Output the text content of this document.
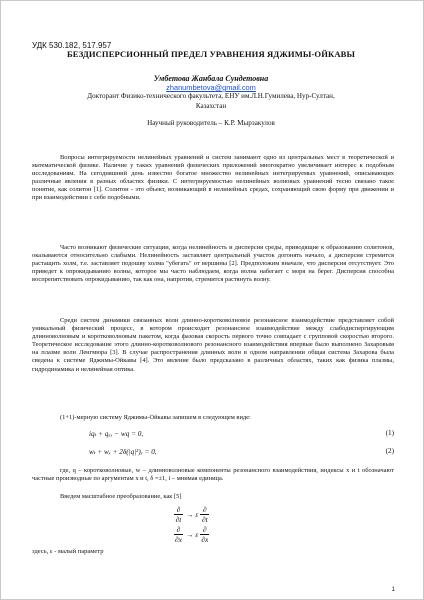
УДК 530.182, 517.957
БЕЗДИСПЕРСИОННЫЙ ПРЕДЕЛ УРАВНЕНИЯ ЯДЖИМЫ-ОЙКАВЫ
Умбетова Жанбала Сундетовна
zhanumbetova@gmail.com
Докторант Физико-технического факультета, ЕНУ им.Л.Н.Гумилева, Нур-Султан,
Казахстан
Научный руководитель – К.Р. Мырзакулов

Вопросы интегрируемости нелинейных уравнений и систем занимают одно из центральных мест в теоретической и математической физике. Наличие у таких уравнений физических приложений многократно увеличивает интерес к подобным исследованиям. На сегодняшний день известно богатое множество нелинейных интегрируемых уравнений, описывающих различные явления в разных областях физики. С интегрируемостью нелинейных волновых уравнений тесно связано такое понятие, как солитон [1]. Солитон - это объект, возникающий в нелинейных средах, сохраняющий свою форму при движении и при взаимодействии с себе подобными.

Часто возникают физические ситуации, когда нелинейность и дисперсия среды, приводящие к образованию солитонов, оказываются относительно слабыми. Нелинейность заставляет центральный участок догонять начало, а дисперсия стремится растащить холм, т.е. заставляет подошву холма "убегать" от вершины [2]. Предположим вначале, что дисперсия отсутствует. Это приведет к опрокидыванию волны, которое мы часто наблюдаем, когда волна набегает с моря на берег. Дисперсия способна воспрепятствовать опрокидыванию, так как она, напротив, стремится растянуть волну.

Среди систем динамики связанных волн длинно-коротковолновое резонансное взаимодействие представляет собой уникальный физический процесс, в котором происходит резонансное взаимодействие между слабодиспергирующим длинноволновым и коротковолновым пакетом, когда фазовая скорость первого точно совпадает с групповой скоростью второго. Теоретическое исследование этого длинно-коротковолнового резонансного взаимодействия впервые было выполнено Захаровым на плазме волн Ленгмюра [3]. В случае распространения длинных волн в одном направлении общая система Захарова была сведена к системе Яджимы-Ойкавы [4]. Это явление было предсказано в различных областях, таких как физика плазмы, гидродинамика и нелинейная оптика.

(1+1)-мерную систему Яджимы-Ойкавы запишем в следующем виде:

iqₜ + qₓₓ − wq = 0,	(1)
wₜ + wₓ + 2δ(|q|²)ₓ = 0,	(2)

где, q – коротковолновые, w – длинноволновые компоненты резонансного взаимодействия, индексы x и t обозначают частные производные по аргументам x и t, δ =±1, i – мнимая единица.

Введем масштабное преобразование, как [5]

$\frac{\partial}{\partial t} \to \varepsilon \frac{\partial}{\partial t}$
$\frac{\partial}{\partial x} \to \varepsilon \frac{\partial}{\partial x}$
здесь, ε - малый параметр
1
